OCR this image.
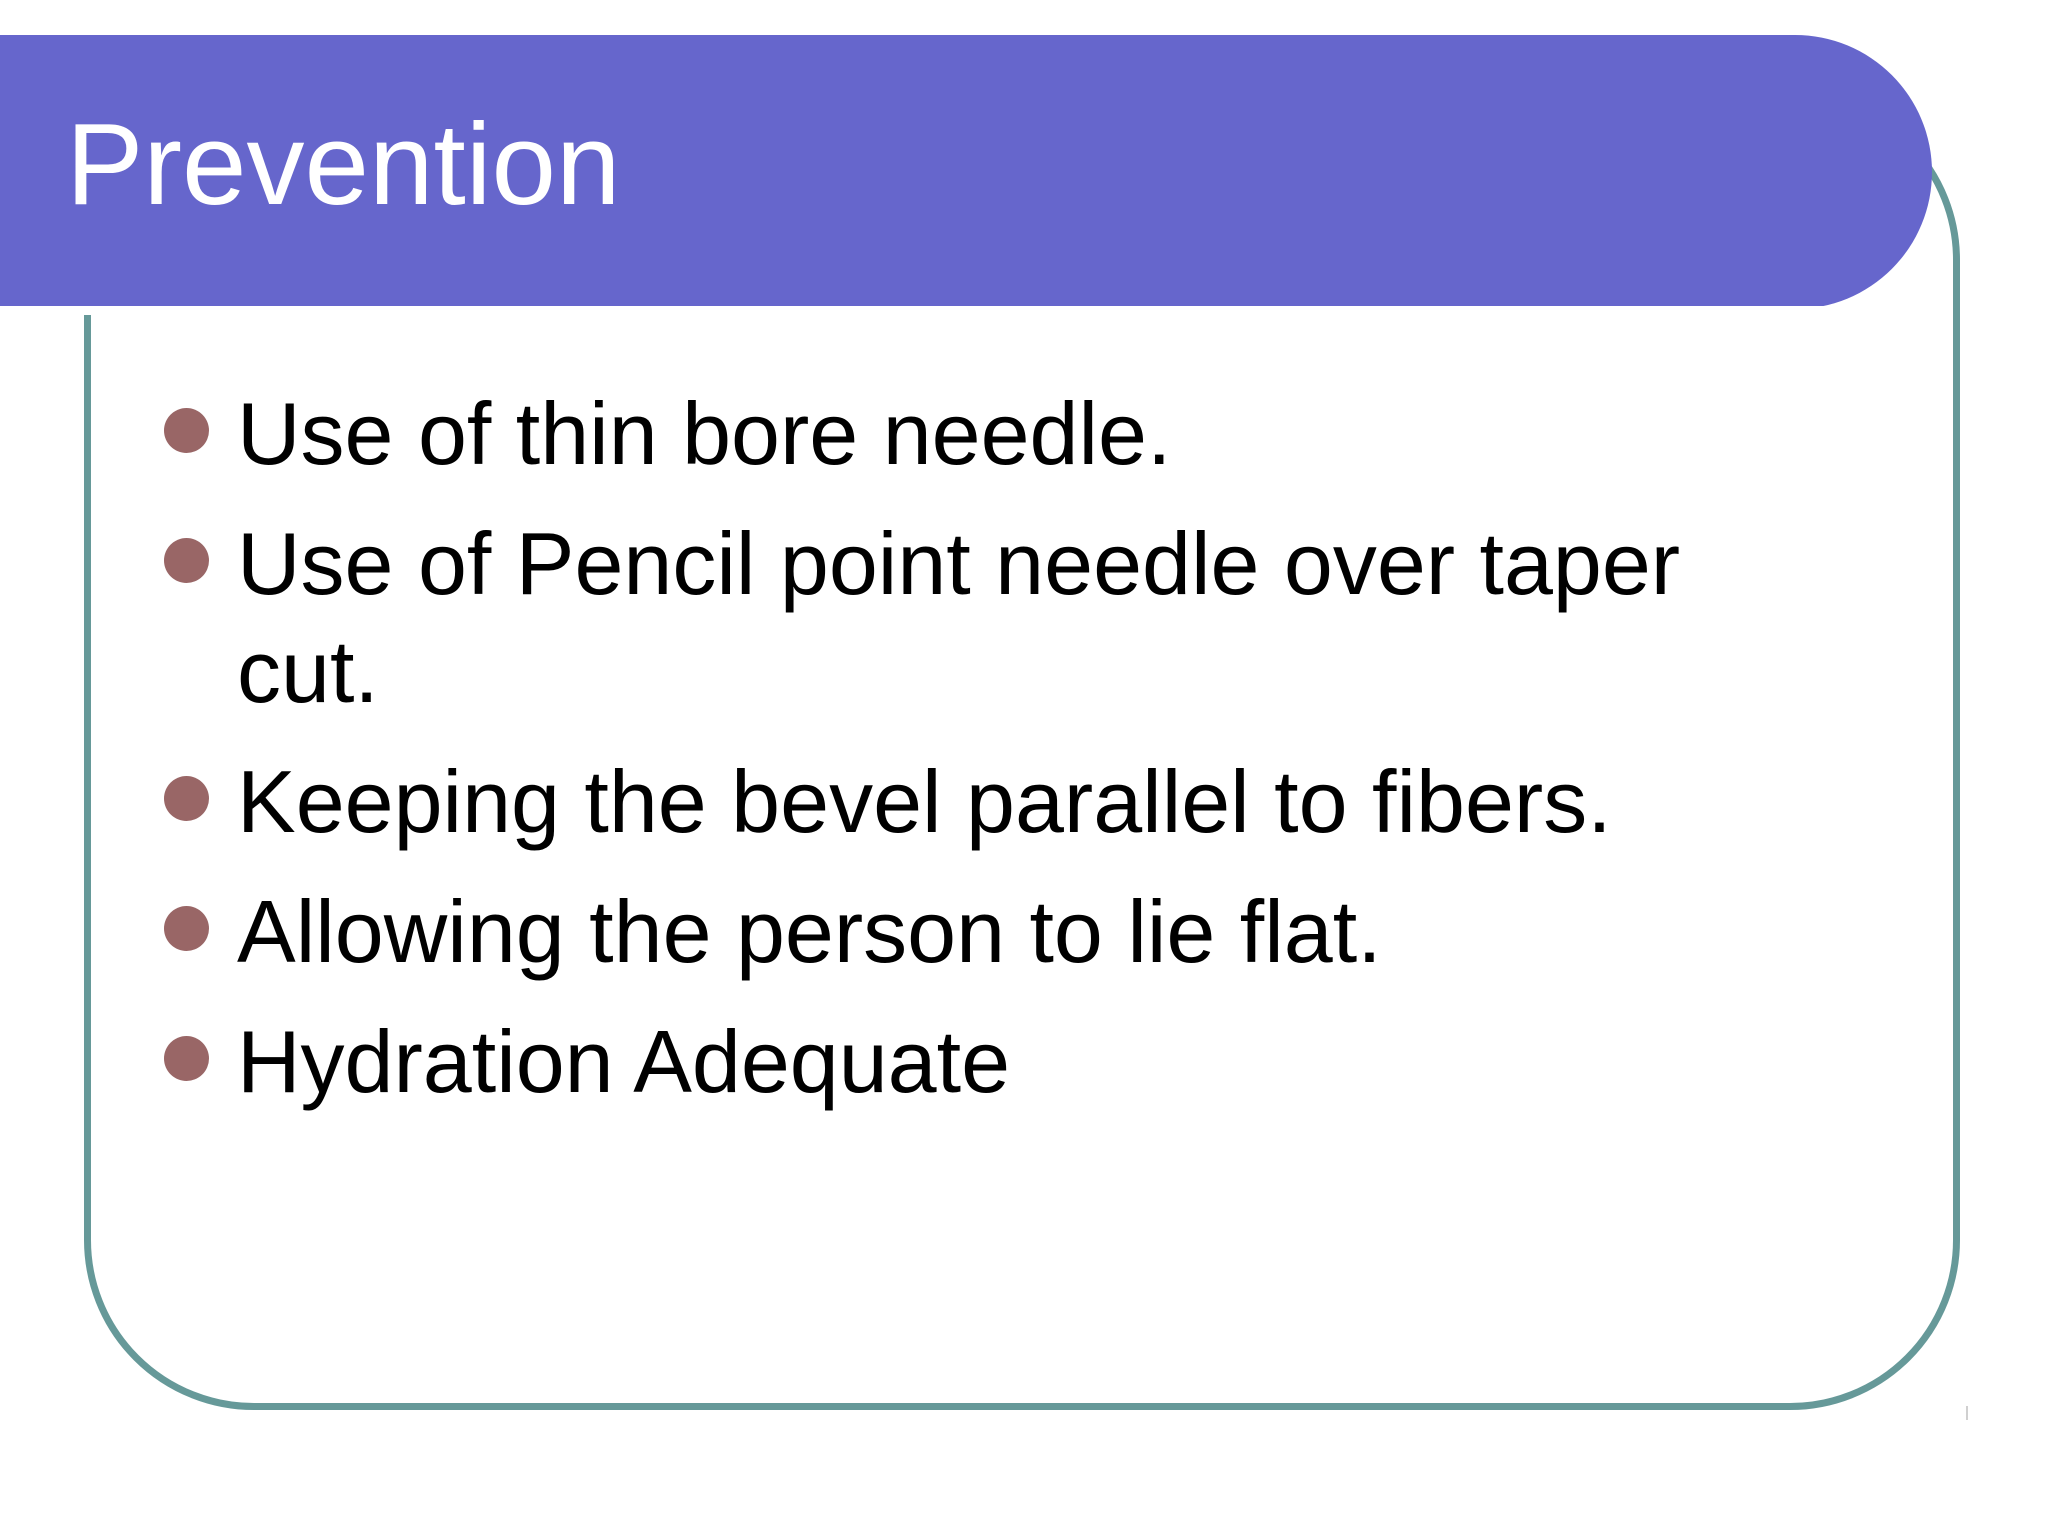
Prevention
Use of thin bore needle.
Use of Pencil point needle over taper cut.
Keeping the bevel parallel to fibers.
Allowing the person to lie flat.
Hydration Adequate
